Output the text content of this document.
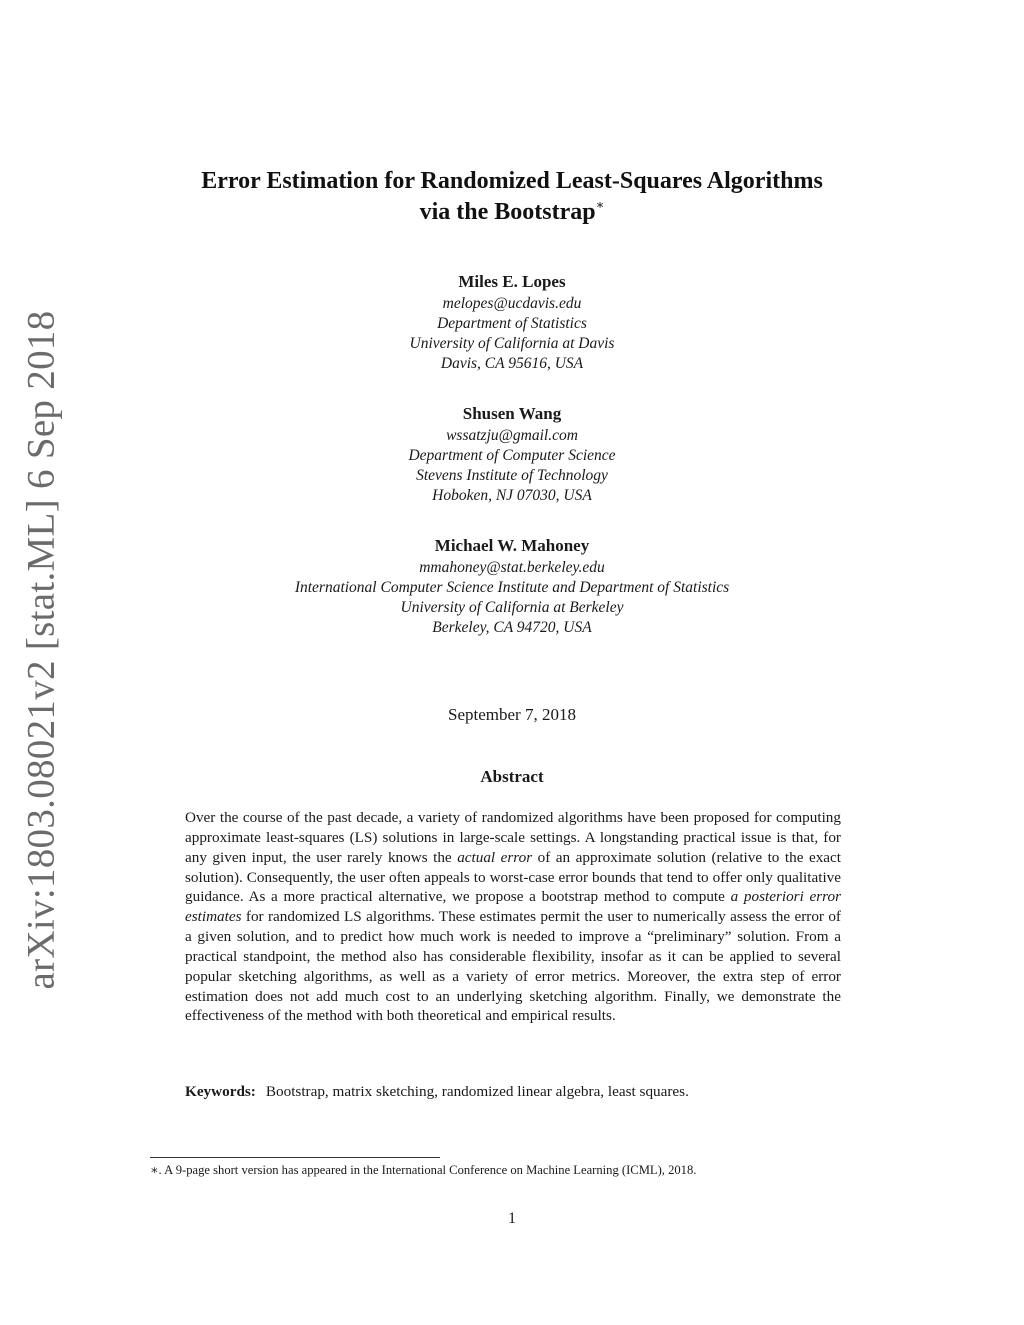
arXiv:1803.08021v2 [stat.ML] 6 Sep 2018
Error Estimation for Randomized Least-Squares Algorithms
via the Bootstrap∗
Miles E. Lopes
melopes@ucdavis.edu
Department of Statistics
University of California at Davis
Davis, CA 95616, USA
Shusen Wang
wssatzju@gmail.com
Department of Computer Science
Stevens Institute of Technology
Hoboken, NJ 07030, USA
Michael W. Mahoney
mmahoney@stat.berkeley.edu
International Computer Science Institute and Department of Statistics
University of California at Berkeley
Berkeley, CA 94720, USA
September 7, 2018
Abstract
Over the course of the past decade, a variety of randomized algorithms have been proposed for computing approximate least-squares (LS) solutions in large-scale settings. A longstanding practical issue is that, for any given input, the user rarely knows the actual error of an approximate solution (relative to the exact solution). Consequently, the user often appeals to worst-case error bounds that tend to offer only qualitative guidance. As a more practical alternative, we propose a bootstrap method to compute a posteriori error estimates for randomized LS algorithms. These estimates permit the user to numerically assess the error of a given solution, and to predict how much work is needed to improve a “preliminary” solution. From a practical standpoint, the method also has considerable flexibility, insofar as it can be applied to several popular sketching algorithms, as well as a variety of error metrics. Moreover, the extra step of error estimation does not add much cost to an underlying sketching algorithm. Finally, we demonstrate the effectiveness of the method with both theoretical and empirical results.
Keywords: Bootstrap, matrix sketching, randomized linear algebra, least squares.
∗. A 9-page short version has appeared in the International Conference on Machine Learning (ICML), 2018.
1
